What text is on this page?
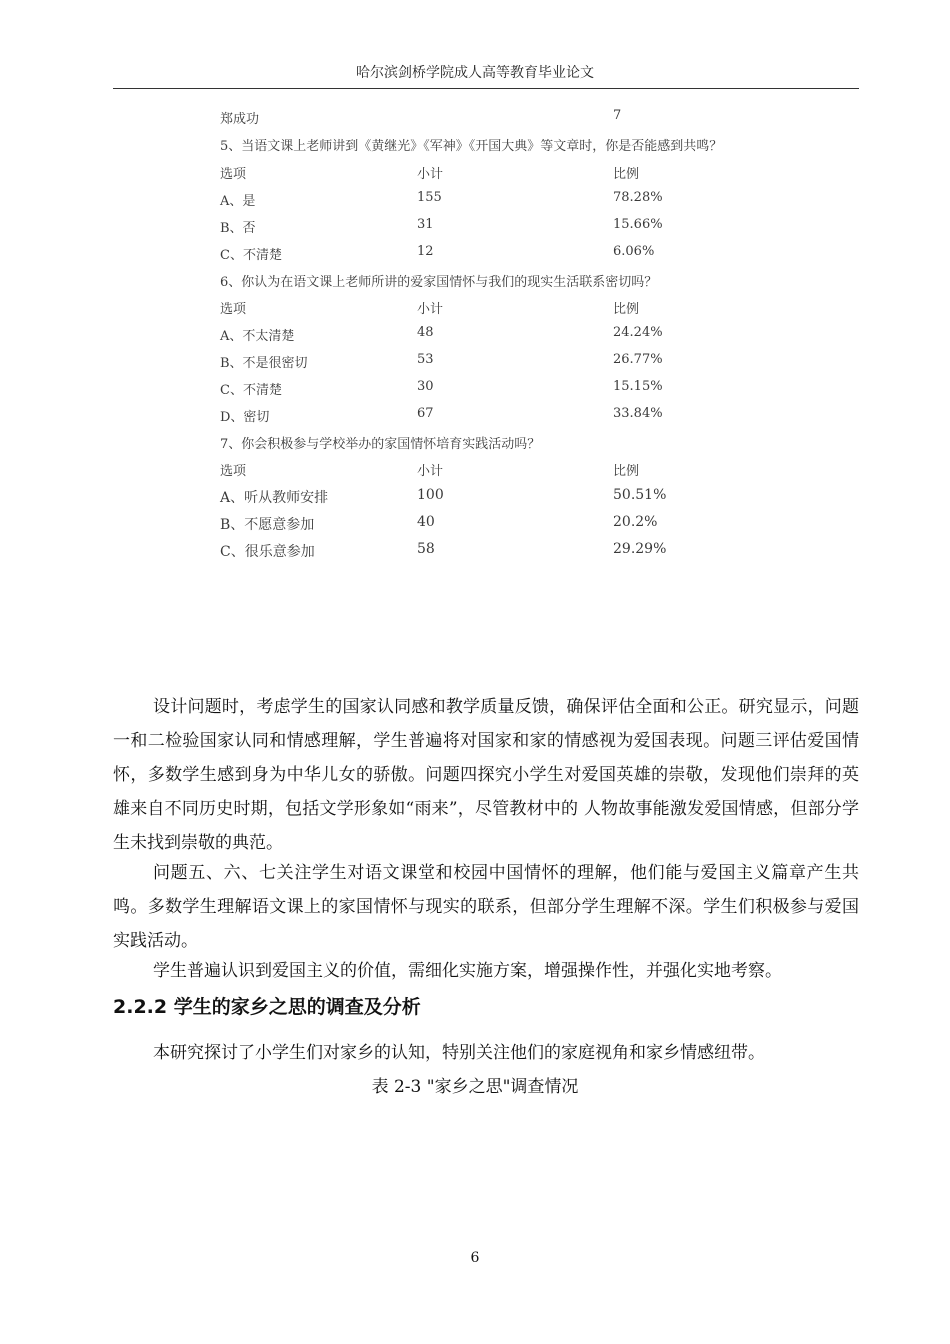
哈尔滨剑桥学院成人高等教育毕业论文
郑成功	7
5、当语文课上老师讲到《黄继光》《军神》《开国大典》等文章时，你是否能感到共鸣？
选项	小计	比例
A、是	155	78.28%
B、否	31	15.66%
C、不清楚	12	6.06%
6、你认为在语文课上老师所讲的爱家国情怀与我们的现实生活联系密切吗？
选项	小计	比例
A、不太清楚	48	24.24%
B、不是很密切	53	26.77%
C、不清楚	30	15.15%
D、密切	67	33.84%
7、你会积极参与学校举办的家国情怀培育实践活动吗？
选项	小计	比例
A、听从教师安排	100	50.51%
B、不愿意参加	40	20.2%
C、很乐意参加	58	29.29%

设计问题时，考虑学生的国家认同感和教学质量反馈，确保评估全面和公正。研究显示，问题一和二检验国家认同和情感理解，学生普遍将对国家和家的情感视为爱国表现。问题三评估爱国情怀，多数学生感到身为中华儿女的骄傲。问题四探究小学生对爱国英雄的崇敬，发现他们崇拜的英雄来自不同历史时期，包括文学形象如“雨来”，尽管教材中的 人物故事能激发爱国情感，但部分学生未找到崇敬的典范。

问题五、六、七关注学生对语文课堂和校园中国情怀的理解，他们能与爱国主义篇章产生共鸣。多数学生理解语文课上的家国情怀与现实的联系，但部分学生理解不深。学生们积极参与爱国实践活动。

学生普遍认识到爱国主义的价值，需细化实施方案，增强操作性，并强化实地考察。

2.2.2 学生的家乡之思的调查及分析

本研究探讨了小学生们对家乡的认知，特别关注他们的家庭视角和家乡情感纽带。

表 2-3 "家乡之思"调查情况
6
